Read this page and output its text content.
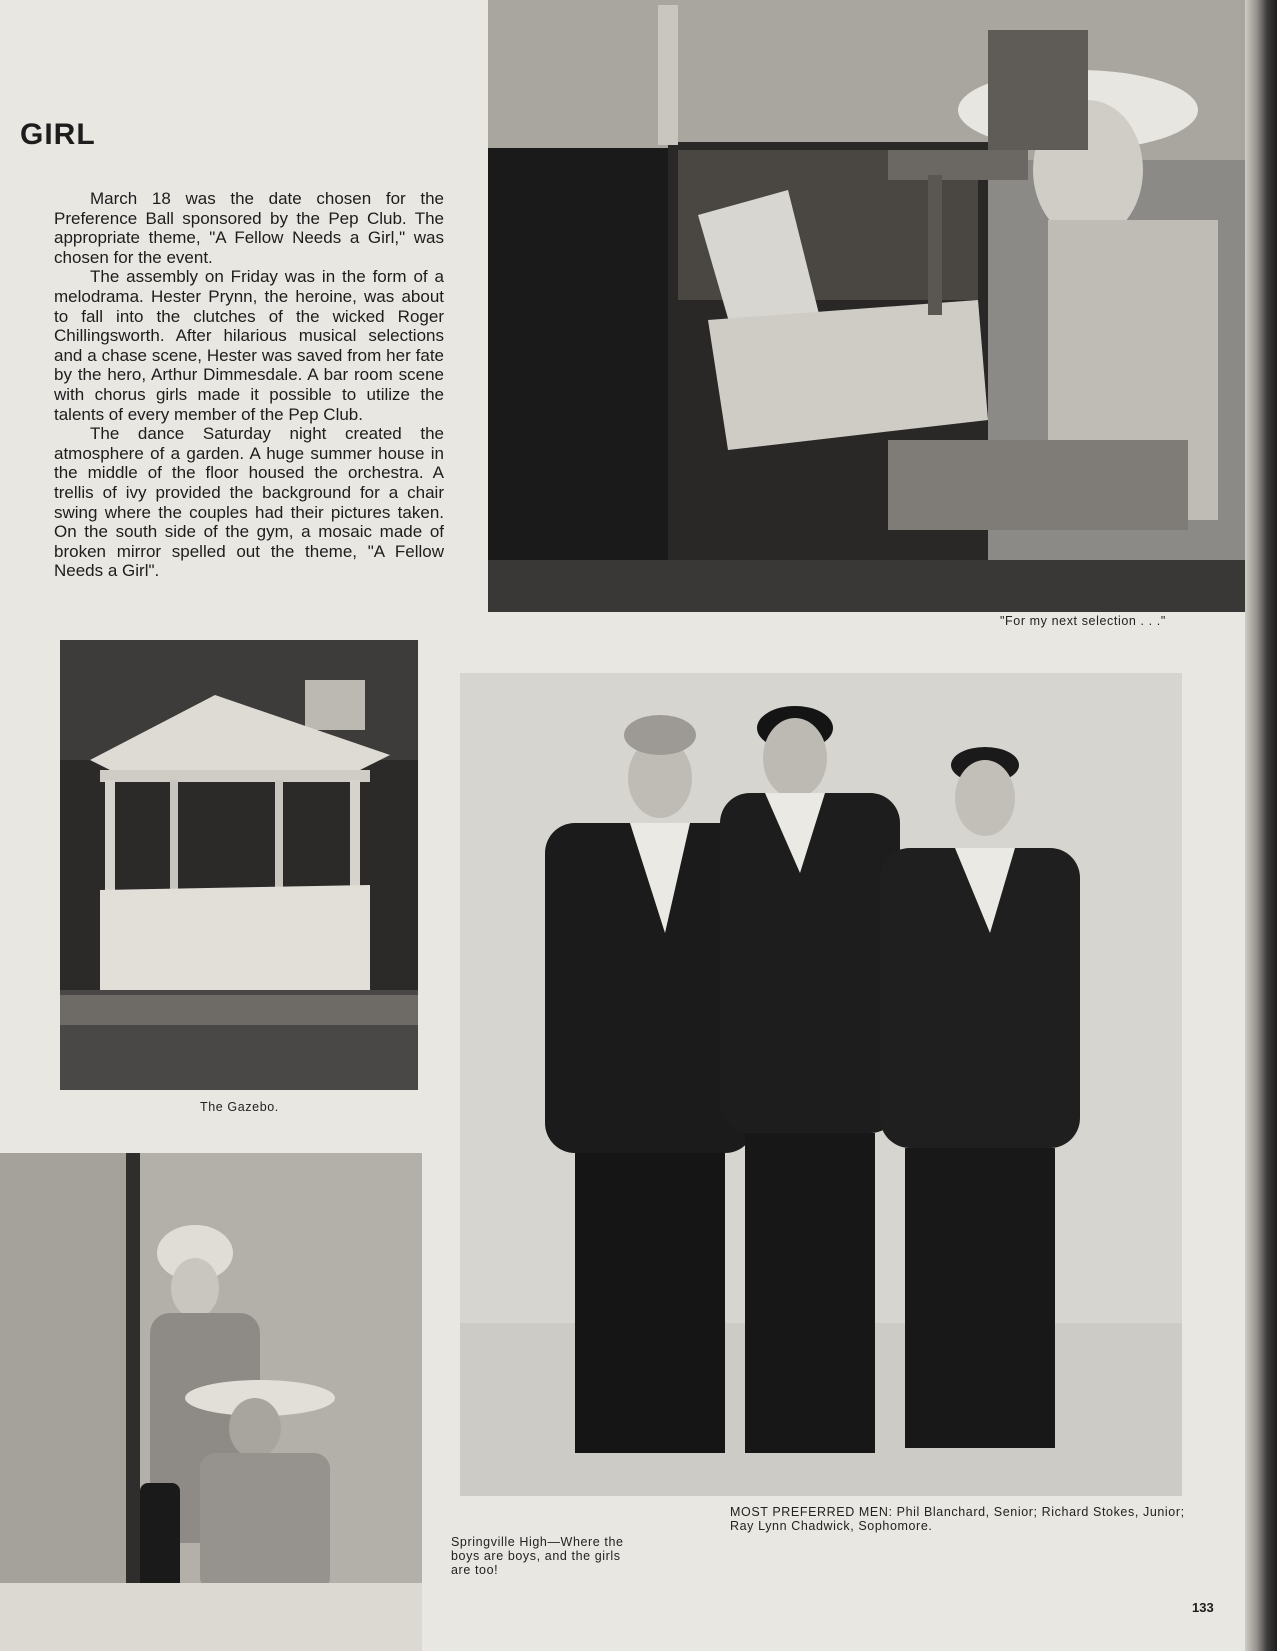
GIRL

March 18 was the date chosen for the Preference Ball sponsored by the Pep Club. The appropriate theme, "A Fellow Needs a Girl," was chosen for the event.

The assembly on Friday was in the form of a melodrama. Hester Prynn, the heroine, was about to fall into the clutches of the wicked Roger Chillingsworth. After hilarious musical selections and a chase scene, Hester was saved from her fate by the hero, Arthur Dimmesdale. A bar room scene with chorus girls made it possible to utilize the talents of every member of the Pep Club.

The dance Saturday night created the atmosphere of a garden. A huge summer house in the middle of the floor housed the orchestra. A trellis of ivy provided the background for a chair swing where the couples had their pictures taken. On the south side of the gym, a mosaic made of broken mirror spelled out the theme, "A Fellow Needs a Girl".

"For my next selection . . ."
The Gazebo.
MOST PREFERRED MEN: Phil Blanchard, Senior; Richard Stokes, Junior; Ray Lynn Chadwick, Sophomore.
Springville High—Where the boys are boys, and the girls are too!
133
